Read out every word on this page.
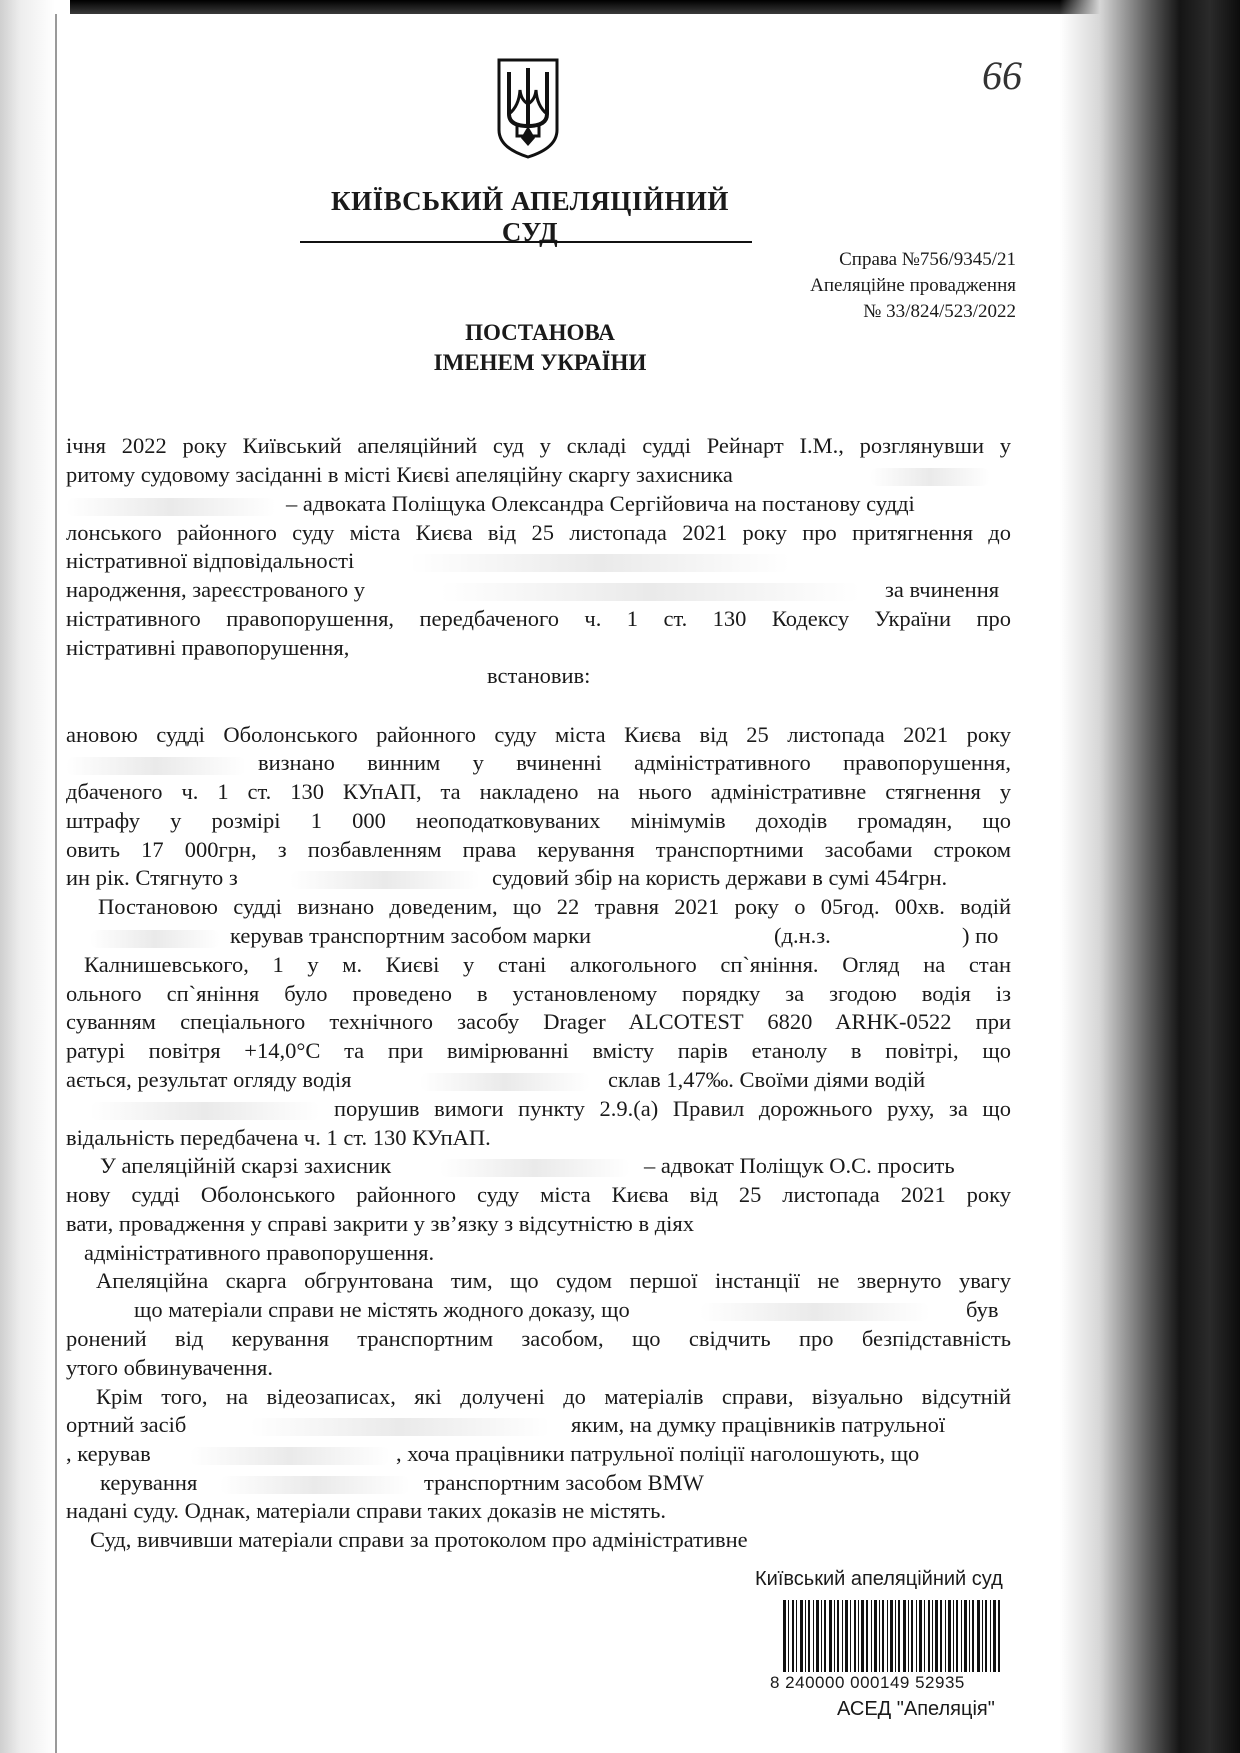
66
КИЇВСЬКИЙ АПЕЛЯЦІЙНИЙ СУД
Справа №756/9345/21
Апеляційне провадження
№ 33/824/523/2022
ПОСТАНОВА
ІМЕНЕМ УКРАЇНИ
ічня 2022 року Київський апеляційний суд у складі судді Рейнарт І.М., розглянувши у
ритому судовому засіданні в місті Києві апеляційну скаргу захисника
– адвоката Поліщука Олександра Сергійовича на постанову судді
лонського районного суду міста Києва від 25 листопада 2021 року про притягнення до
ністративної відповідальності
народження, зареєстрованого у	за вчинення
ністративного правопорушення, передбаченого ч. 1 ст. 130 Кодексу України про
ністративні правопорушення,
встановив:
ановою судді Оболонського районного суду міста Києва від 25 листопада 2021 року
визнано винним у вчиненні адміністративного правопорушення,
дбаченого ч. 1 ст. 130 КУпАП, та накладено на нього адміністративне стягнення у
штрафу у розмірі 1 000 неоподатковуваних мінімумів доходів громадян, що
овить 17 000грн, з позбавленням права керування транспортними засобами строком
ин рік. Стягнуто з	судовий збір на користь держави в сумі 454грн.
Постановою судді визнано доведеним, що 22 травня 2021 року о 05год. 00хв. водій
керував транспортним засобом марки	(д.н.з.	) по
Калнишевського, 1 у м. Києві у стані алкогольного сп`яніння. Огляд на стан
ольного сп`яніння було проведено в установленому порядку за згодою водія із
суванням спеціального технічного засобу Drager ALCOTEST 6820 ARHK-0522 при
ратурі повітря +14,0°C та при вимірюванні вмісту парів етанолу в повітрі, що
ається, результат огляду водія	склав 1,47‰. Своїми діями водій
порушив вимоги пункту 2.9.(а) Правил дорожнього руху, за що
відальність передбачена ч. 1 ст. 130 КУпАП.
У апеляційній скарзі захисник	– адвокат Поліщук О.С. просить
нову судді Оболонського районного суду міста Києва від 25 листопада 2021 року
вати, провадження у справі закрити у зв’язку з відсутністю в діях
адміністративного правопорушення.
Апеляційна скарга обгрунтована тим, що судом першої інстанції не звернуто увагу
що матеріали справи не містять жодного доказу, що	був
ронений від керування транспортним засобом, що свідчить про безпідставність
утого обвинувачення.
Крім того, на відеозаписах, які долучені до матеріалів справи, візуально відсутній
ортний засіб	яким, на думку працівників патрульної
, керував	, хоча працівники патрульної поліції наголошують, що
керування	транспортним засобом BMW
надані суду. Однак, матеріали справи таких доказів не містять.
Суд, вивчивши матеріали справи за протоколом про адміністративне
Київський апеляційний суд
8 240000 000149 52935
АСЕД "Апеляція"
